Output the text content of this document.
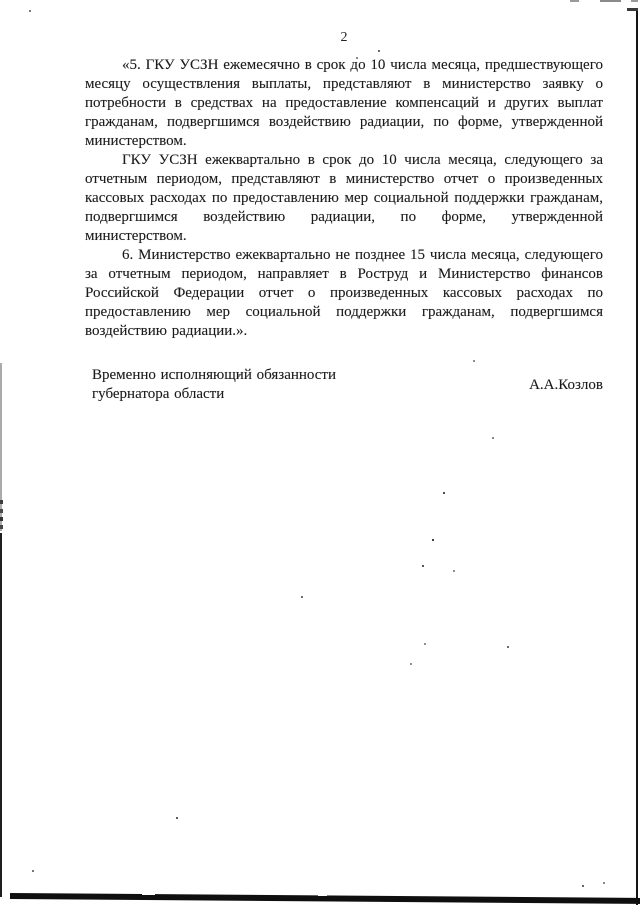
2

«5. ГКУ УСЗН ежемесячно в срок до 10 числа месяца, предшествующего месяцу осуществления выплаты, представляют в министерство заявку о потребности в средствах на предоставление компенсаций и других выплат гражданам, подвергшимся воздействию радиации, по форме, утвержденной министерством.

ГКУ УСЗН ежеквартально в срок до 10 числа месяца, следующего за отчетным периодом, представляют в министерство отчет о произведенных кассовых расходах по предоставлению мер социальной поддержки гражданам, подвергшимся воздействию радиации, по форме, утвержденной министерством.

6. Министерство ежеквартально не позднее 15 числа месяца, следующего за отчетным периодом, направляет в Роструд и Министерство финансов Российской Федерации отчет о произведенных кассовых расходах по предоставлению мер социальной поддержки гражданам, подвергшимся воздействию радиации.».

Временно исполняющий обязанности
губернатора области
А.А.Козлов
